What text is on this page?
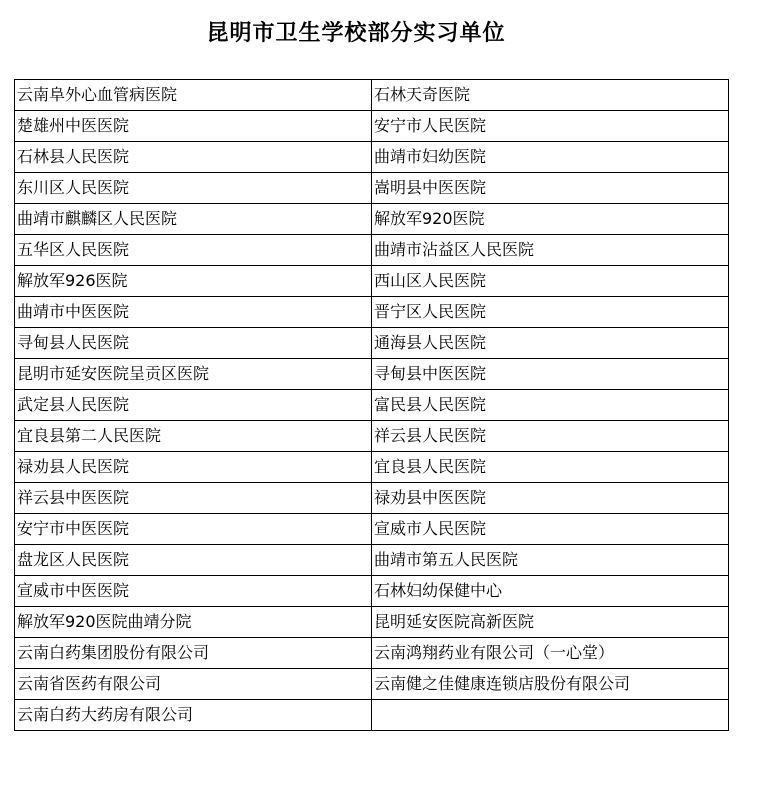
昆明市卫生学校部分实习单位
云南阜外心血管病医院	石林天奇医院
楚雄州中医医院	安宁市人民医院
石林县人民医院	曲靖市妇幼医院
东川区人民医院	嵩明县中医医院
曲靖市麒麟区人民医院	解放军920医院
五华区人民医院	曲靖市沾益区人民医院
解放军926医院	西山区人民医院
曲靖市中医医院	晋宁区人民医院
寻甸县人民医院	通海县人民医院
昆明市延安医院呈贡区医院	寻甸县中医医院
武定县人民医院	富民县人民医院
宜良县第二人民医院	祥云县人民医院
禄劝县人民医院	宜良县人民医院
祥云县中医医院	禄劝县中医医院
安宁市中医医院	宣威市人民医院
盘龙区人民医院	曲靖市第五人民医院
宣威市中医医院	石林妇幼保健中心
解放军920医院曲靖分院	昆明延安医院高新医院
云南白药集团股份有限公司	云南鸿翔药业有限公司（一心堂）
云南省医药有限公司	云南健之佳健康连锁店股份有限公司
云南白药大药房有限公司	
